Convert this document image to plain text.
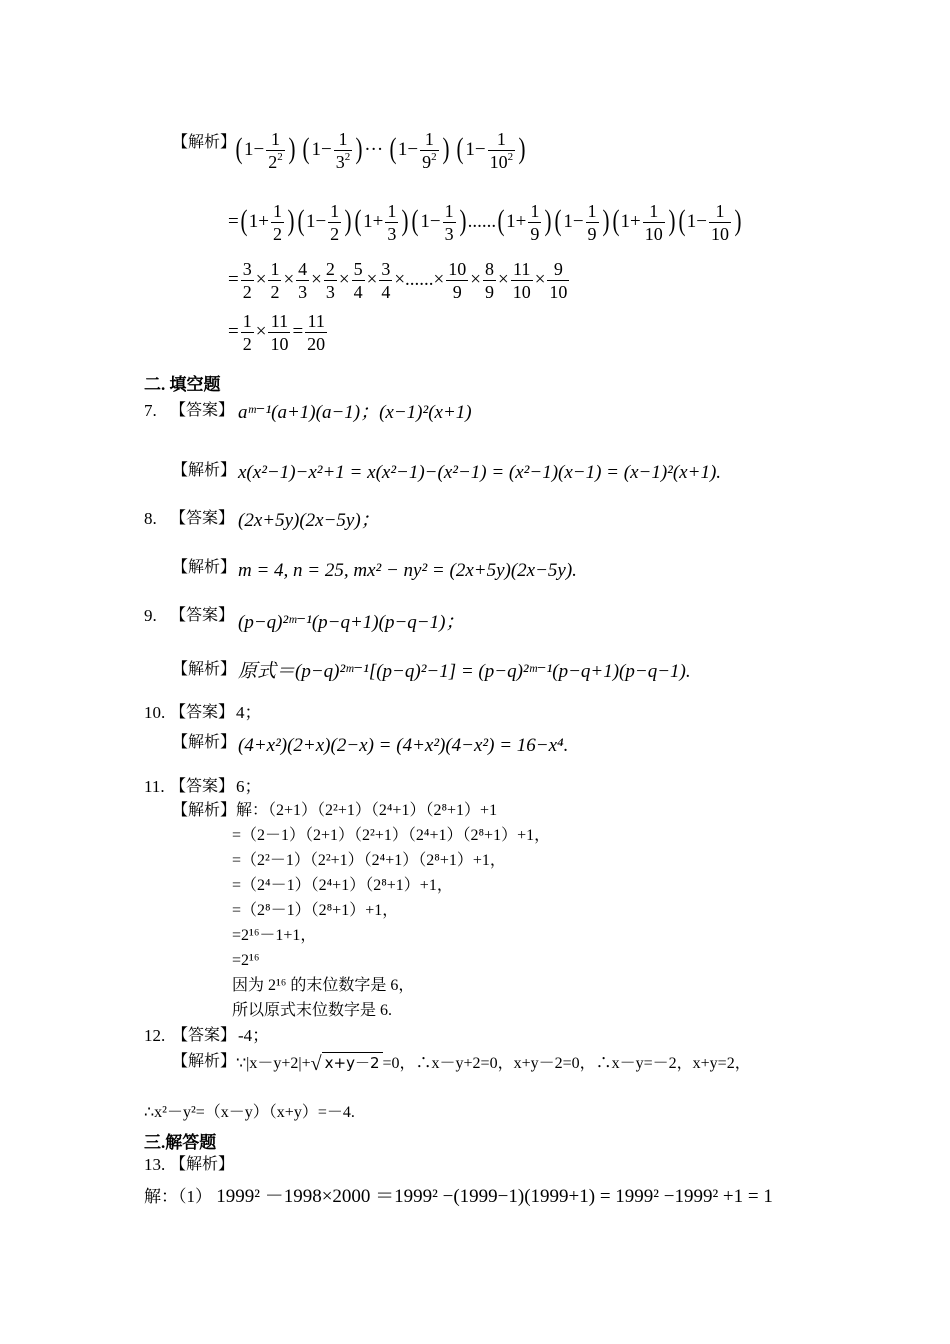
【解析】 ($1- \frac{1}{2^2}$ ) ($1- \frac{1}{3^2}$ )··· ($1- \frac{1}{9^2}$ ) ($1- \frac{1}{10^2}$ )
$=(1+ \frac{1}{2}$ ) ($1- \frac{1}{2}$ ) ($1+ \frac{1}{3}$ ) $(1- \frac{1}{3} )......(1+ \frac{1}{9}$ ) ($1- \frac{1}{9}$ ) ($1+ \frac{1}{10}$ ) ($1- \frac{1}{10}$ )
= $\frac{3}{2} \times \frac{1}{2} \times \frac{4}{3} \times \frac{2}{3} \times \frac{5}{4} \times \frac{3}{4}$ ×......× $\frac{10}{9} \times \frac{8}{9} \times \frac{11}{10} \times \frac{9}{10}$
= $\frac{1}{2} \times \frac{11}{10} = \frac{11}{20}$
二. 填空题
7. 【答案】 aᵐ⁻¹(a+1)(a−1)；(x−1)²(x+1)
【解析】 x(x²−1)−x²+1 = x(x²−1)−(x²−1) = (x²−1)(x−1) = (x−1)²(x+1).
8. 【答案】 (2x+5y)(2x−5y)；
【解析】 m = 4, n = 25, mx² − ny² = (2x+5y)(2x−5y).
9. 【答案】 (p−q)²ᵐ⁻¹(p−q+1)(p−q−1)；
【解析】 原式＝(p−q)²ᵐ⁻¹[(p−q)²−1] = (p−q)²ᵐ⁻¹(p−q+1)(p−q−1).
10. 【答案】 4；
【解析】 (4+x²)(2+x)(2−x) = (4+x²)(4−x²) = 16−x⁴.
11. 【答案】 6；
【解析】 解：（2+1）（2²+1）（2⁴+1）（2⁸+1）+1
=（2－1）（2+1）（2²+1）（2⁴+1）（2⁸+1）+1，
=（2²－1）（2²+1）（2⁴+1）（2⁸+1）+1，
=（2⁴－1）（2⁴+1）（2⁸+1）+1，
=（2⁸－1）（2⁸+1）+1，
=2¹⁶－1+1，
=2¹⁶
因为 2¹⁶ 的末位数字是 6，
所以原式末位数字是 6.
12. 【答案】 -4；
【解析】 ∵|x－y+2|+√ x+y－2 =0，∴x－y+2=0，x+y－2=0，∴x－y=－2，x+y=2，
∴x²－y²=（x－y）（x+y）=－4.
三.解答题
13. 【解析】
解：（1） 1999² －1998×2000 ＝1999² −(1999−1)(1999+1) = 1999² −1999² +1 = 1
